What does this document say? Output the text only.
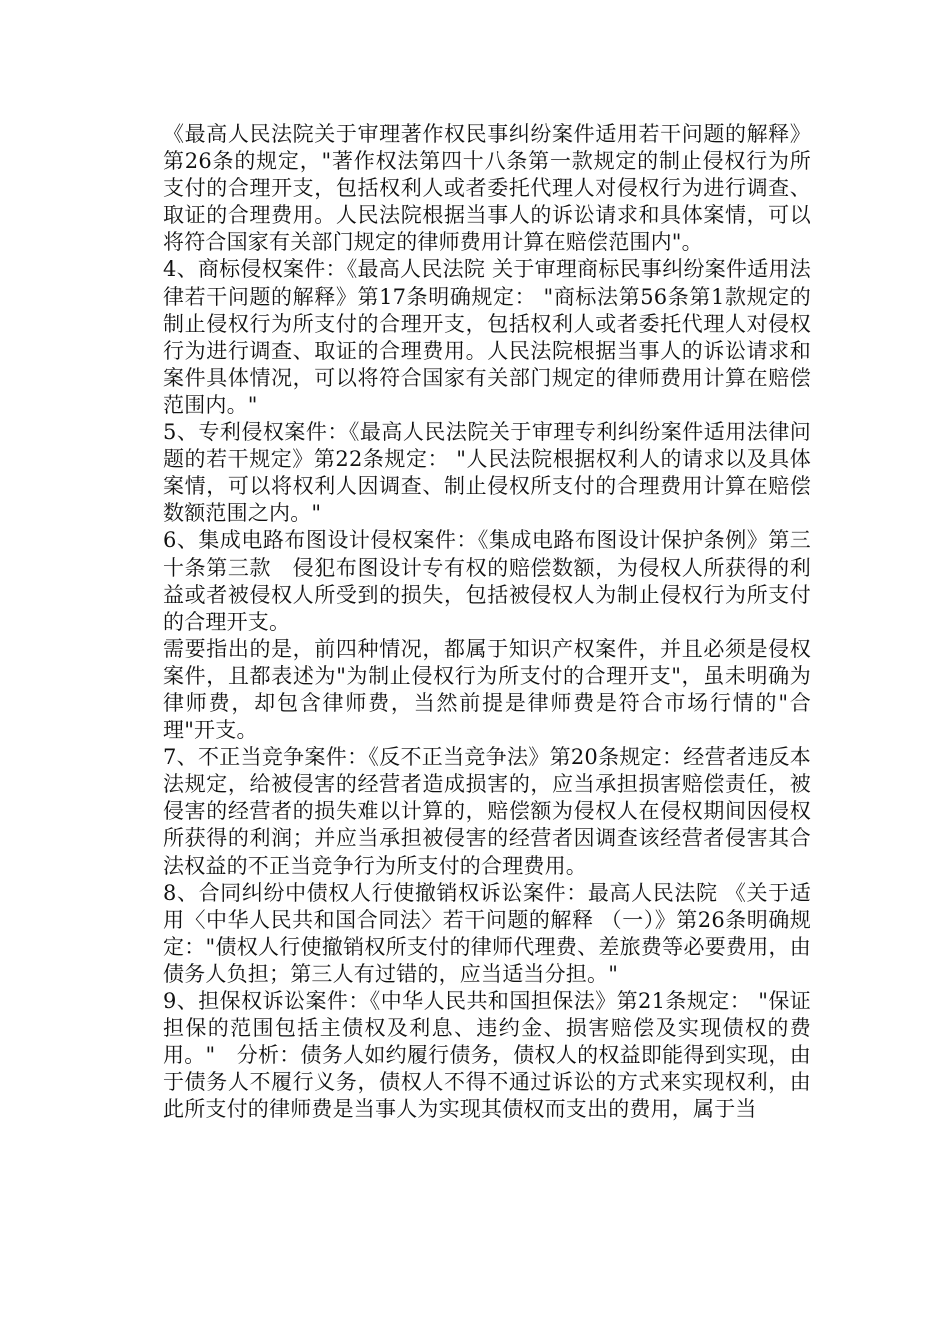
《最高人民法院关于审理著作权民事纠纷案件适用若干问题的解释》第26条的规定，"著作权法第四十八条第一款规定的制止侵权行为所支付的合理开支，包括权利人或者委托代理人对侵权行为进行调查、取证的合理费用。人民法院根据当事人的诉讼请求和具体案情，可以将符合国家有关部门规定的律师费用计算在赔偿范围内"。

4、商标侵权案件：《最高人民法院 关于审理商标民事纠纷案件适用法律若干问题的解释》第17条明确规定： "商标法第56条第1款规定的制止侵权行为所支付的合理开支，包括权利人或者委托代理人对侵权行为进行调查、取证的合理费用。人民法院根据当事人的诉讼请求和案件具体情况，可以将符合国家有关部门规定的律师费用计算在赔偿范围内。"

5、专利侵权案件：《最高人民法院关于审理专利纠纷案件适用法律问题的若干规定》第22条规定： "人民法院根据权利人的请求以及具体案情，可以将权利人因调查、制止侵权所支付的合理费用计算在赔偿数额范围之内。"

6、集成电路布图设计侵权案件：《集成电路布图设计保护条例》第三十条第三款　侵犯布图设计专有权的赔偿数额，为侵权人所获得的利益或者被侵权人所受到的损失，包括被侵权人为制止侵权行为所支付的合理开支。

需要指出的是，前四种情况，都属于知识产权案件，并且必须是侵权案件，且都表述为"为制止侵权行为所支付的合理开支"，虽未明确为律师费，却包含律师费，当然前提是律师费是符合市场行情的"合理"开支。

7、不正当竞争案件：《反不正当竞争法》第20条规定：经营者违反本法规定，给被侵害的经营者造成损害的，应当承担损害赔偿责任，被侵害的经营者的损失难以计算的，赔偿额为侵权人在侵权期间因侵权所获得的利润；并应当承担被侵害的经营者因调查该经营者侵害其合法权益的不正当竞争行为所支付的合理费用。

8、合同纠纷中债权人行使撤销权诉讼案件：最高人民法院 《关于适用〈中华人民共和国合同法〉若干问题的解释 （一）》第26条明确规定："债权人行使撤销权所支付的律师代理费、差旅费等必要费用，由债务人负担；第三人有过错的，应当适当分担。"

9、担保权诉讼案件：《中华人民共和国担保法》第21条规定： "保证担保的范围包括主债权及利息、违约金、损害赔偿及实现债权的费用。"　分析：债务人如约履行债务，债权人的权益即能得到实现，由于债务人不履行义务，债权人不得不通过诉讼的方式来实现权利，由此所支付的律师费是当事人为实现其债权而支出的费用，属于当
